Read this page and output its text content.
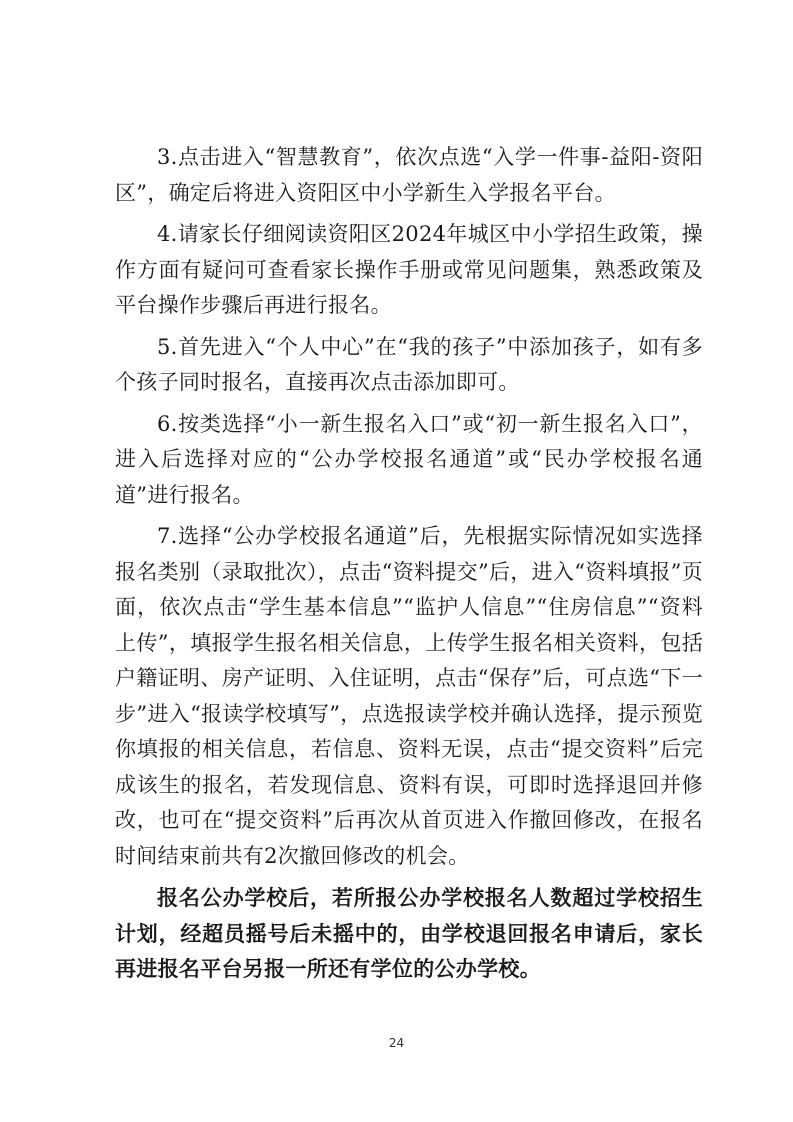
3.点击进入“智慧教育”，依次点选“入学一件事-益阳-资阳区”，确定后将进入资阳区中小学新生入学报名平台。

4.请家长仔细阅读资阳区2024年城区中小学招生政策，操作方面有疑问可查看家长操作手册或常见问题集，熟悉政策及平台操作步骤后再进行报名。

5.首先进入“个人中心”在“我的孩子”中添加孩子，如有多个孩子同时报名，直接再次点击添加即可。

6.按类选择“小一新生报名入口”或“初一新生报名入口”，进入后选择对应的“公办学校报名通道”或“民办学校报名通道”进行报名。

7.选择“公办学校报名通道”后，先根据实际情况如实选择报名类别（录取批次），点击“资料提交”后，进入“资料填报”页面，依次点击“学生基本信息”“监护人信息”“住房信息”“资料上传”，填报学生报名相关信息，上传学生报名相关资料，包括户籍证明、房产证明、入住证明，点击“保存”后，可点选“下一步”进入“报读学校填写”，点选报读学校并确认选择，提示预览你填报的相关信息，若信息、资料无误，点击“提交资料”后完成该生的报名，若发现信息、资料有误，可即时选择退回并修改，也可在“提交资料”后再次从首页进入作撤回修改，在报名时间结束前共有2次撤回修改的机会。

报名公办学校后，若所报公办学校报名人数超过学校招生计划，经超员摇号后未摇中的，由学校退回报名申请后，家长再进报名平台另报一所还有学位的公办学校。

24
